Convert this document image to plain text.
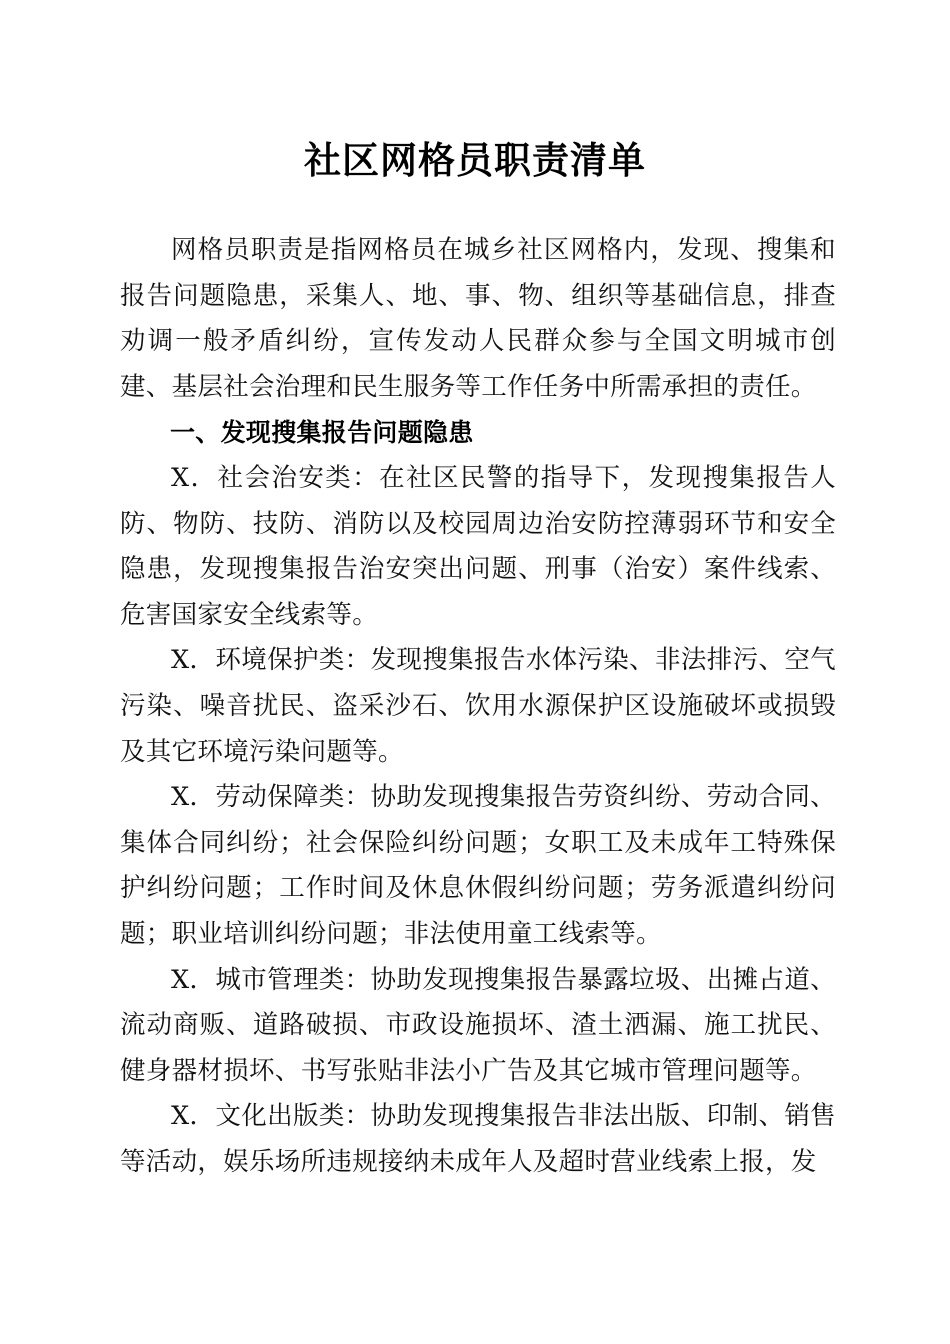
社区网格员职责清单

网格员职责是指网格员在城乡社区网格内，发现、搜集和报告问题隐患，采集人、地、事、物、组织等基础信息，排查劝调一般矛盾纠纷，宣传发动人民群众参与全国文明城市创建、基层社会治理和民生服务等工作任务中所需承担的责任。

一、发现搜集报告问题隐患

X．社会治安类：在社区民警的指导下，发现搜集报告人防、物防、技防、消防以及校园周边治安防控薄弱环节和安全隐患，发现搜集报告治安突出问题、刑事（治安）案件线索、危害国家安全线索等。

X．环境保护类：发现搜集报告水体污染、非法排污、空气污染、噪音扰民、盗采沙石、饮用水源保护区设施破坏或损毁及其它环境污染问题等。

X．劳动保障类：协助发现搜集报告劳资纠纷、劳动合同、集体合同纠纷；社会保险纠纷问题；女职工及未成年工特殊保护纠纷问题；工作时间及休息休假纠纷问题；劳务派遣纠纷问题；职业培训纠纷问题；非法使用童工线索等。

X．城市管理类：协助发现搜集报告暴露垃圾、出摊占道、流动商贩、道路破损、市政设施损坏、渣土洒漏、施工扰民、健身器材损坏、书写张贴非法小广告及其它城市管理问题等。

X．文化出版类：协助发现搜集报告非法出版、印制、销售等活动，娱乐场所违规接纳未成年人及超时营业线索上报，发
